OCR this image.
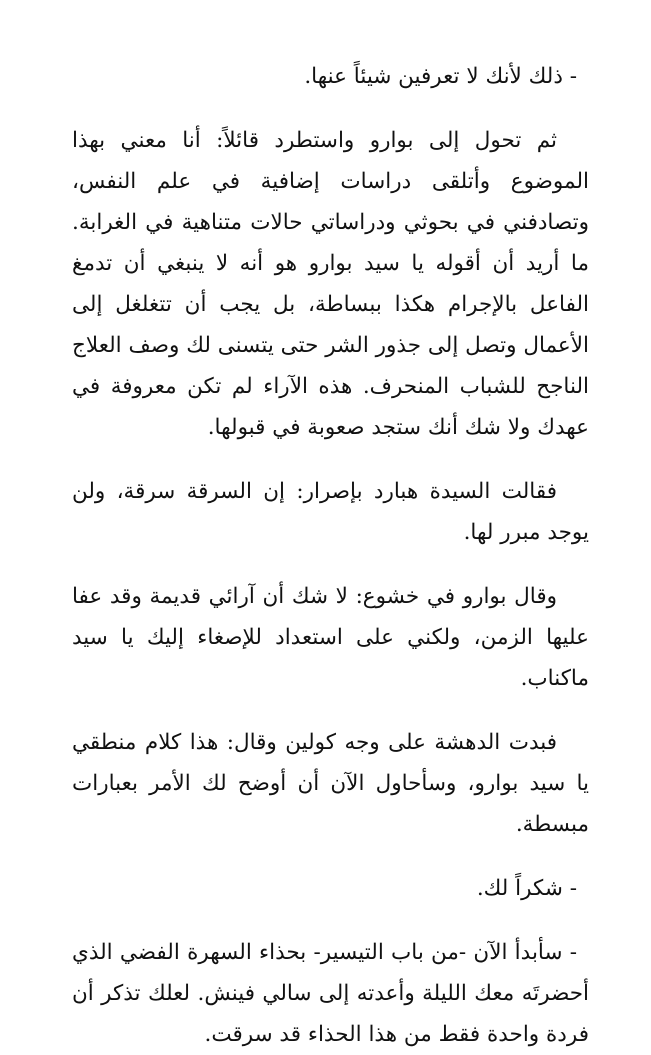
- ذلك لأنك لا تعرفين شيئاً عنها.

ثم تحول إلى بوارو واستطرد قائلاً: أنا معني بهذا الموضوع وأتلقى دراسات إضافية في علم النفس، وتصادفني في بحوثي ودراساتي حالات متناهية في الغرابة. ما أريد أن أقوله يا سيد بوارو هو أنه لا ينبغي أن تدمغ الفاعل بالإجرام هكذا ببساطة، بل يجب أن تتغلغل إلى الأعمال وتصل إلى جذور الشر حتى يتسنى لك وصف العلاج الناجح للشباب المنحرف. هذه الآراء لم تكن معروفة في عهدك ولا شك أنك ستجد صعوبة في قبولها.

فقالت السيدة هبارد بإصرار: إن السرقة سرقة، ولن يوجد مبرر لها.

وقال بوارو في خشوع: لا شك أن آرائي قديمة وقد عفا عليها الزمن، ولكني على استعداد للإصغاء إليك يا سيد ماكناب.

فبدت الدهشة على وجه كولين وقال: هذا كلام منطقي يا سيد بوارو، وسأحاول الآن أن أوضح لك الأمر بعبارات مبسطة.

- شكراً لك.

- سأبدأ الآن -من باب التيسير- بحذاء السهرة الفضي الذي أحضرتَه معك الليلة وأعدته إلى سالي فينش. لعلك تذكر أن فردة واحدة فقط من هذا الحذاء قد سرقت.
